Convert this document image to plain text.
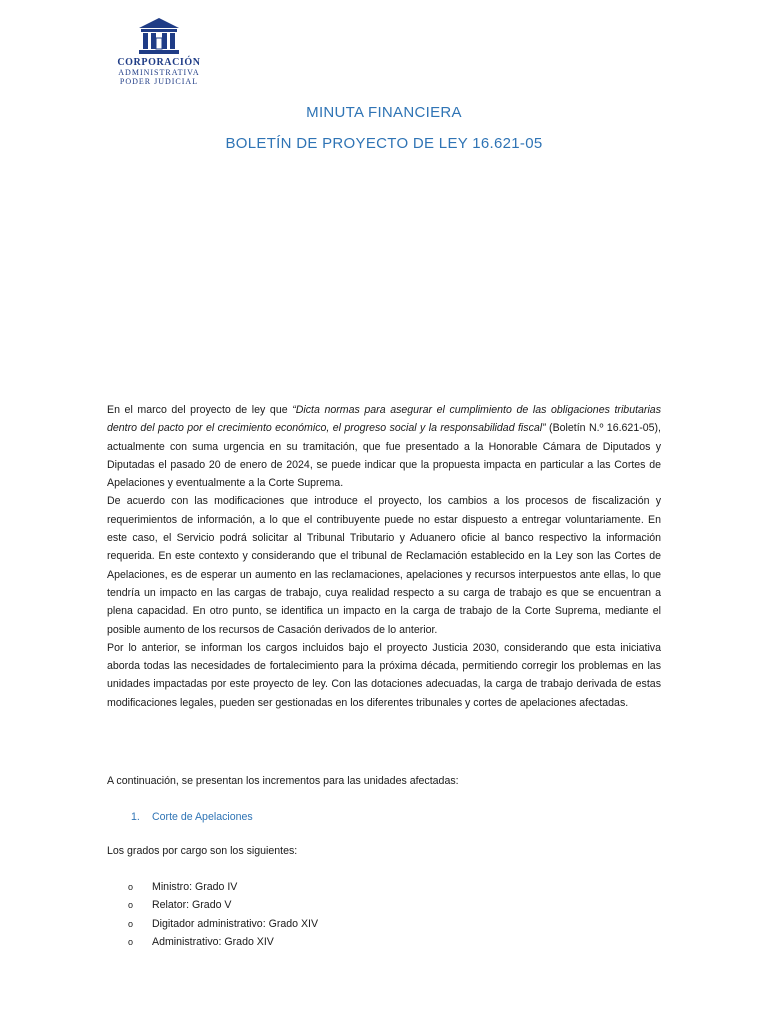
CORPORACIÓN
ADMINISTRATIVA
PODER JUDICIAL
MINUTA FINANCIERA
BOLETÍN DE PROYECTO DE LEY 16.621-05

En el marco del proyecto de ley que “Dicta normas para asegurar el cumplimiento de las obligaciones tributarias dentro del pacto por el crecimiento económico, el progreso social y la responsabilidad fiscal” (Boletín N.º 16.621-05), actualmente con suma urgencia en su tramitación, que fue presentado a la Honorable Cámara de Diputados y Diputadas el pasado 20 de enero de 2024, se puede indicar que la propuesta impacta en particular a las Cortes de Apelaciones y eventualmente a la Corte Suprema.

De acuerdo con las modificaciones que introduce el proyecto, los cambios a los procesos de fiscalización y requerimientos de información, a lo que el contribuyente puede no estar dispuesto a entregar voluntariamente. En este caso, el Servicio podrá solicitar al Tribunal Tributario y Aduanero oficie al banco respectivo la información requerida. En este contexto y considerando que el tribunal de Reclamación establecido en la Ley son las Cortes de Apelaciones, es de esperar un aumento en las reclamaciones, apelaciones y recursos interpuestos ante ellas, lo que tendría un impacto en las cargas de trabajo, cuya realidad respecto a su carga de trabajo es que se encuentran a plena capacidad. En otro punto, se identifica un impacto en la carga de trabajo de la Corte Suprema, mediante el posible aumento de los recursos de Casación derivados de lo anterior.

Por lo anterior, se informan los cargos incluidos bajo el proyecto Justicia 2030, considerando que esta iniciativa aborda todas las necesidades de fortalecimiento para la próxima década, permitiendo corregir los problemas en las unidades impactadas por este proyecto de ley. Con las dotaciones adecuadas, la carga de trabajo derivada de estas modificaciones legales, pueden ser gestionadas en los diferentes tribunales y cortes de apelaciones afectadas.

A continuación, se presentan los incrementos para las unidades afectadas:
1. Corte de Apelaciones
Los grados por cargo son los siguientes:
o Ministro: Grado IV
o Relator: Grado V
o Digitador administrativo: Grado XIV
o Administrativo: Grado XIV
